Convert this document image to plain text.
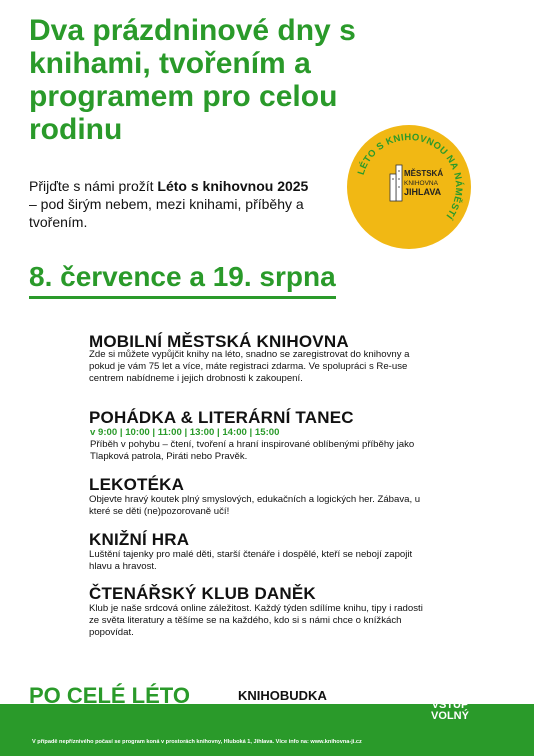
Dva prázdninové dny s knihami, tvořením a programem pro celou rodinu
Přijďte s námi prožít Léto s knihovnou 2025 – pod širým nebem, mezi knihami, příběhy a tvořením.
LÉTO S KNIHOVNOU NA NÁMĚSTÍ
MĚSTSKÁ
KNIHOVNA
JIHLAVA
8. července a 19. srpna
MOBILNÍ MĚSTSKÁ KNIHOVNA

Zde si můžete vypůjčit knihy na léto, snadno se zaregistrovat do knihovny a pokud je vám 75 let a více, máte registraci zdarma. Ve spolupráci s Re-use centrem nabídneme i jejich drobnosti k zakoupení.

POHÁDKA & LITERÁRNÍ TANEC

v 9:00 | 10:00 | 11:00 | 13:00 | 14:00 | 15:00

Příběh v pohybu – čtení, tvoření a hraní inspirované oblíbenými příběhy jako Tlapková patrola, Piráti nebo Pravěk.

LEKOTÉKA

Objevte hravý koutek plný smyslových, edukačních a logických her. Zábava, u které se děti (ne)pozorovaně učí!

KNIŽNÍ HRA

Luštění tajenky pro malé děti, starší čtenáře i dospělé, kteří se nebojí zapojit hlavu a hravost.

ČTENÁŘSKÝ KLUB DANĚK

Klub je naše srdcová online záležitost. Každý týden sdílíme knihu, tipy i radosti ze světa literatury a těšíme se na každého, kdo si s námi chce o knížkách popovídat.

PO CELÉ LÉTO	KNIHOBUDKA
VSTUP VOLNÝ
V případě nepříznivého počasí se program koná v prostorách knihovny, Hluboká 1, Jihlava. Více info na: www.knihovna-ji.cz
